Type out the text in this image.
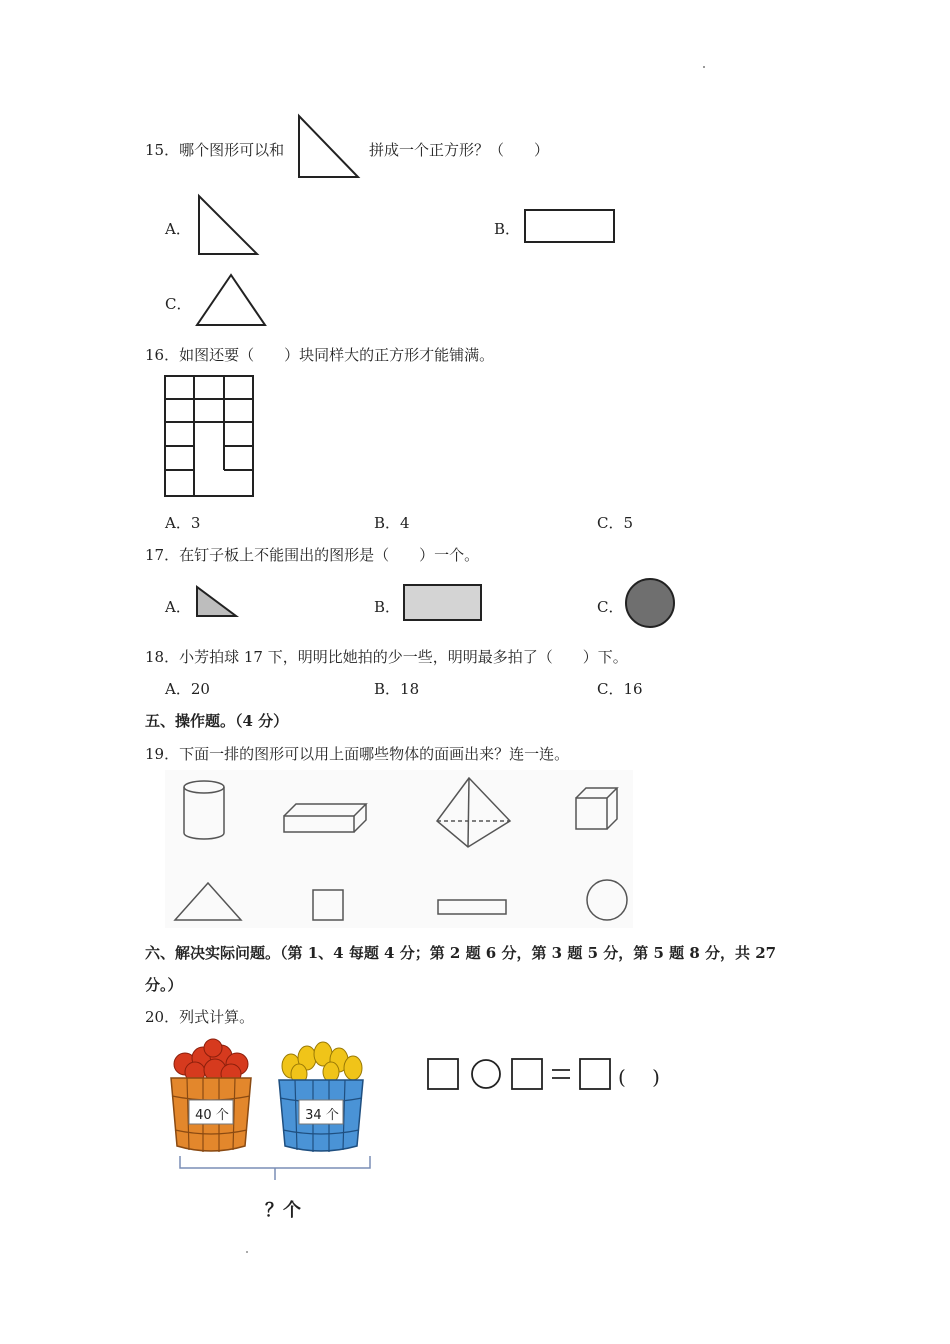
15．哪个图形可以和	拼成一个正方形？（　　）
A．	B．
C．
16．如图还要（　　）块同样大的正方形才能铺满。
A．3	B．4	C．5
17．在钉子板上不能围出的图形是（　　）一个。
A．	B．	C．
18．小芳拍球 17 下，明明比她拍的少一些，明明最多拍了（　　）下。
A．20	B．18	C．16
五、操作题。（4 分）
19．下面一排的图形可以用上面哪些物体的面画出来？连一连。
六、解决实际问题。（第 1、4 每题 4 分；第 2 题 6 分，第 3 题 5 分，第 5 题 8 分，共 27
分。）
20．列式计算。
40 个	34 个
？个
(　 )
